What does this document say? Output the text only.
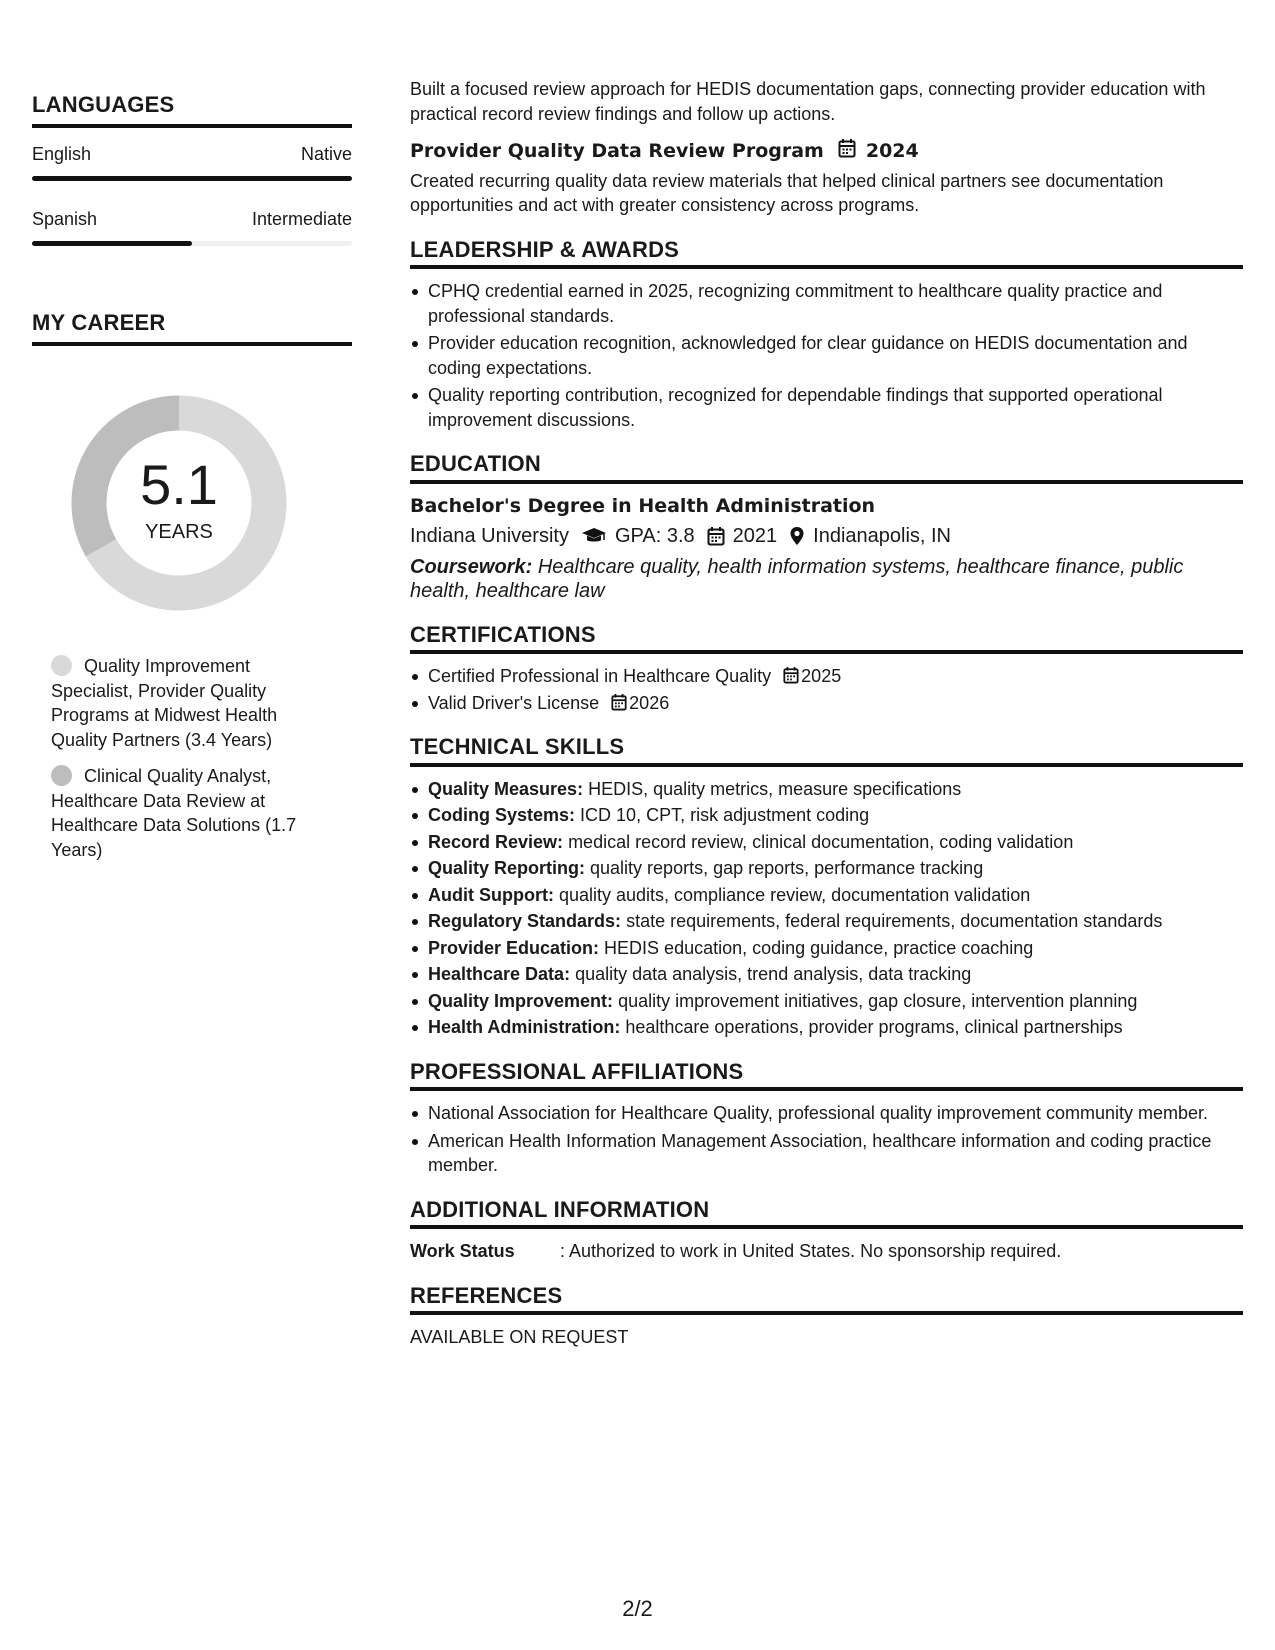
LANGUAGES
English	Native
Spanish	Intermediate
MY CAREER
5.1
YEARS
Quality Improvement Specialist, Provider Quality Programs at Midwest Health Quality Partners (3.4 Years)
Clinical Quality Analyst, Healthcare Data Review at Healthcare Data Solutions (1.7 Years)

Built a focused review approach for HEDIS documentation gaps, connecting provider education with practical record review findings and follow up actions.

Provider Quality Data Review Program 2024

Created recurring quality data review materials that helped clinical partners see documentation opportunities and act with greater consistency across programs.

LEADERSHIP & AWARDS
CPHQ credential earned in 2025, recognizing commitment to healthcare quality practice and professional standards.
Provider education recognition, acknowledged for clear guidance on HEDIS documentation and coding expectations.
Quality reporting contribution, recognized for dependable findings that supported operational improvement discussions.
EDUCATION
Bachelor's Degree in Health Administration
Indiana University GPA: 3.8 2021 Indianapolis, IN

Coursework: Healthcare quality, health information systems, healthcare finance, public health, healthcare law

CERTIFICATIONS
Certified Professional in Healthcare Quality 2025
Valid Driver's License 2026
TECHNICAL SKILLS
Quality Measures: HEDIS, quality metrics, measure specifications
Coding Systems: ICD 10, CPT, risk adjustment coding
Record Review: medical record review, clinical documentation, coding validation
Quality Reporting: quality reports, gap reports, performance tracking
Audit Support: quality audits, compliance review, documentation validation
Regulatory Standards: state requirements, federal requirements, documentation standards
Provider Education: HEDIS education, coding guidance, practice coaching
Healthcare Data: quality data analysis, trend analysis, data tracking
Quality Improvement: quality improvement initiatives, gap closure, intervention planning
Health Administration: healthcare operations, provider programs, clinical partnerships
PROFESSIONAL AFFILIATIONS
National Association for Healthcare Quality, professional quality improvement community member.
American Health Information Management Association, healthcare information and coding practice member.
ADDITIONAL INFORMATION
Work Status	: Authorized to work in United States. No sponsorship required.
REFERENCES
AVAILABLE ON REQUEST
2/2
